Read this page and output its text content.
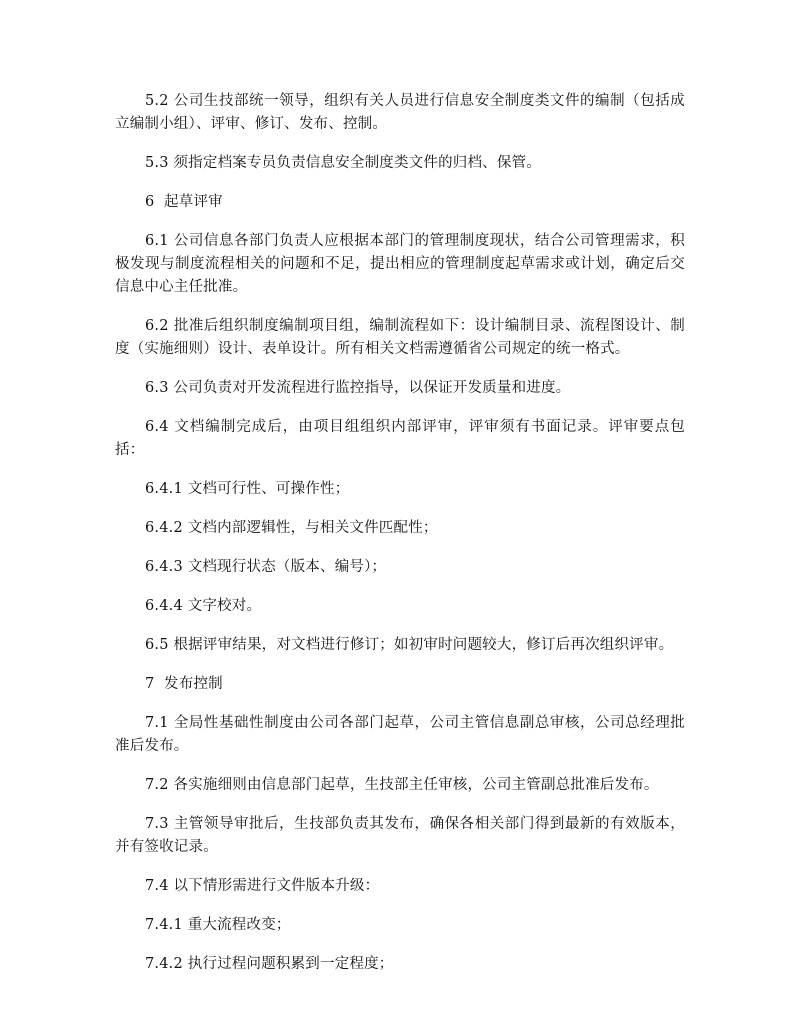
5.2 公司生技部统一领导，组织有关人员进行信息安全制度类文件的编制（包括成立编制小组）、评审、修订、发布、控制。

5.3 须指定档案专员负责信息安全制度类文件的归档、保管。

6  起草评审

6.1 公司信息各部门负责人应根据本部门的管理制度现状，结合公司管理需求，积极发现与制度流程相关的问题和不足，提出相应的管理制度起草需求或计划，确定后交信息中心主任批准。

6.2 批准后组织制度编制项目组，编制流程如下：设计编制目录、流程图设计、制度（实施细则）设计、表单设计。所有相关文档需遵循省公司规定的统一格式。

6.3 公司负责对开发流程进行监控指导，以保证开发质量和进度。

6.4 文档编制完成后，由项目组组织内部评审，评审须有书面记录。评审要点包括：

6.4.1 文档可行性、可操作性；

6.4.2 文档内部逻辑性，与相关文件匹配性；

6.4.3 文档现行状态（版本、编号）；

6.4.4 文字校对。

6.5 根据评审结果，对文档进行修订；如初审时问题较大，修订后再次组织评审。

7  发布控制

7.1 全局性基础性制度由公司各部门起草，公司主管信息副总审核，公司总经理批准后发布。

7.2 各实施细则由信息部门起草，生技部主任审核，公司主管副总批准后发布。

7.3 主管领导审批后，生技部负责其发布，确保各相关部门得到最新的有效版本，并有签收记录。

7.4 以下情形需进行文件版本升级：

7.4.1 重大流程改变；

7.4.2 执行过程问题积累到一定程度；
